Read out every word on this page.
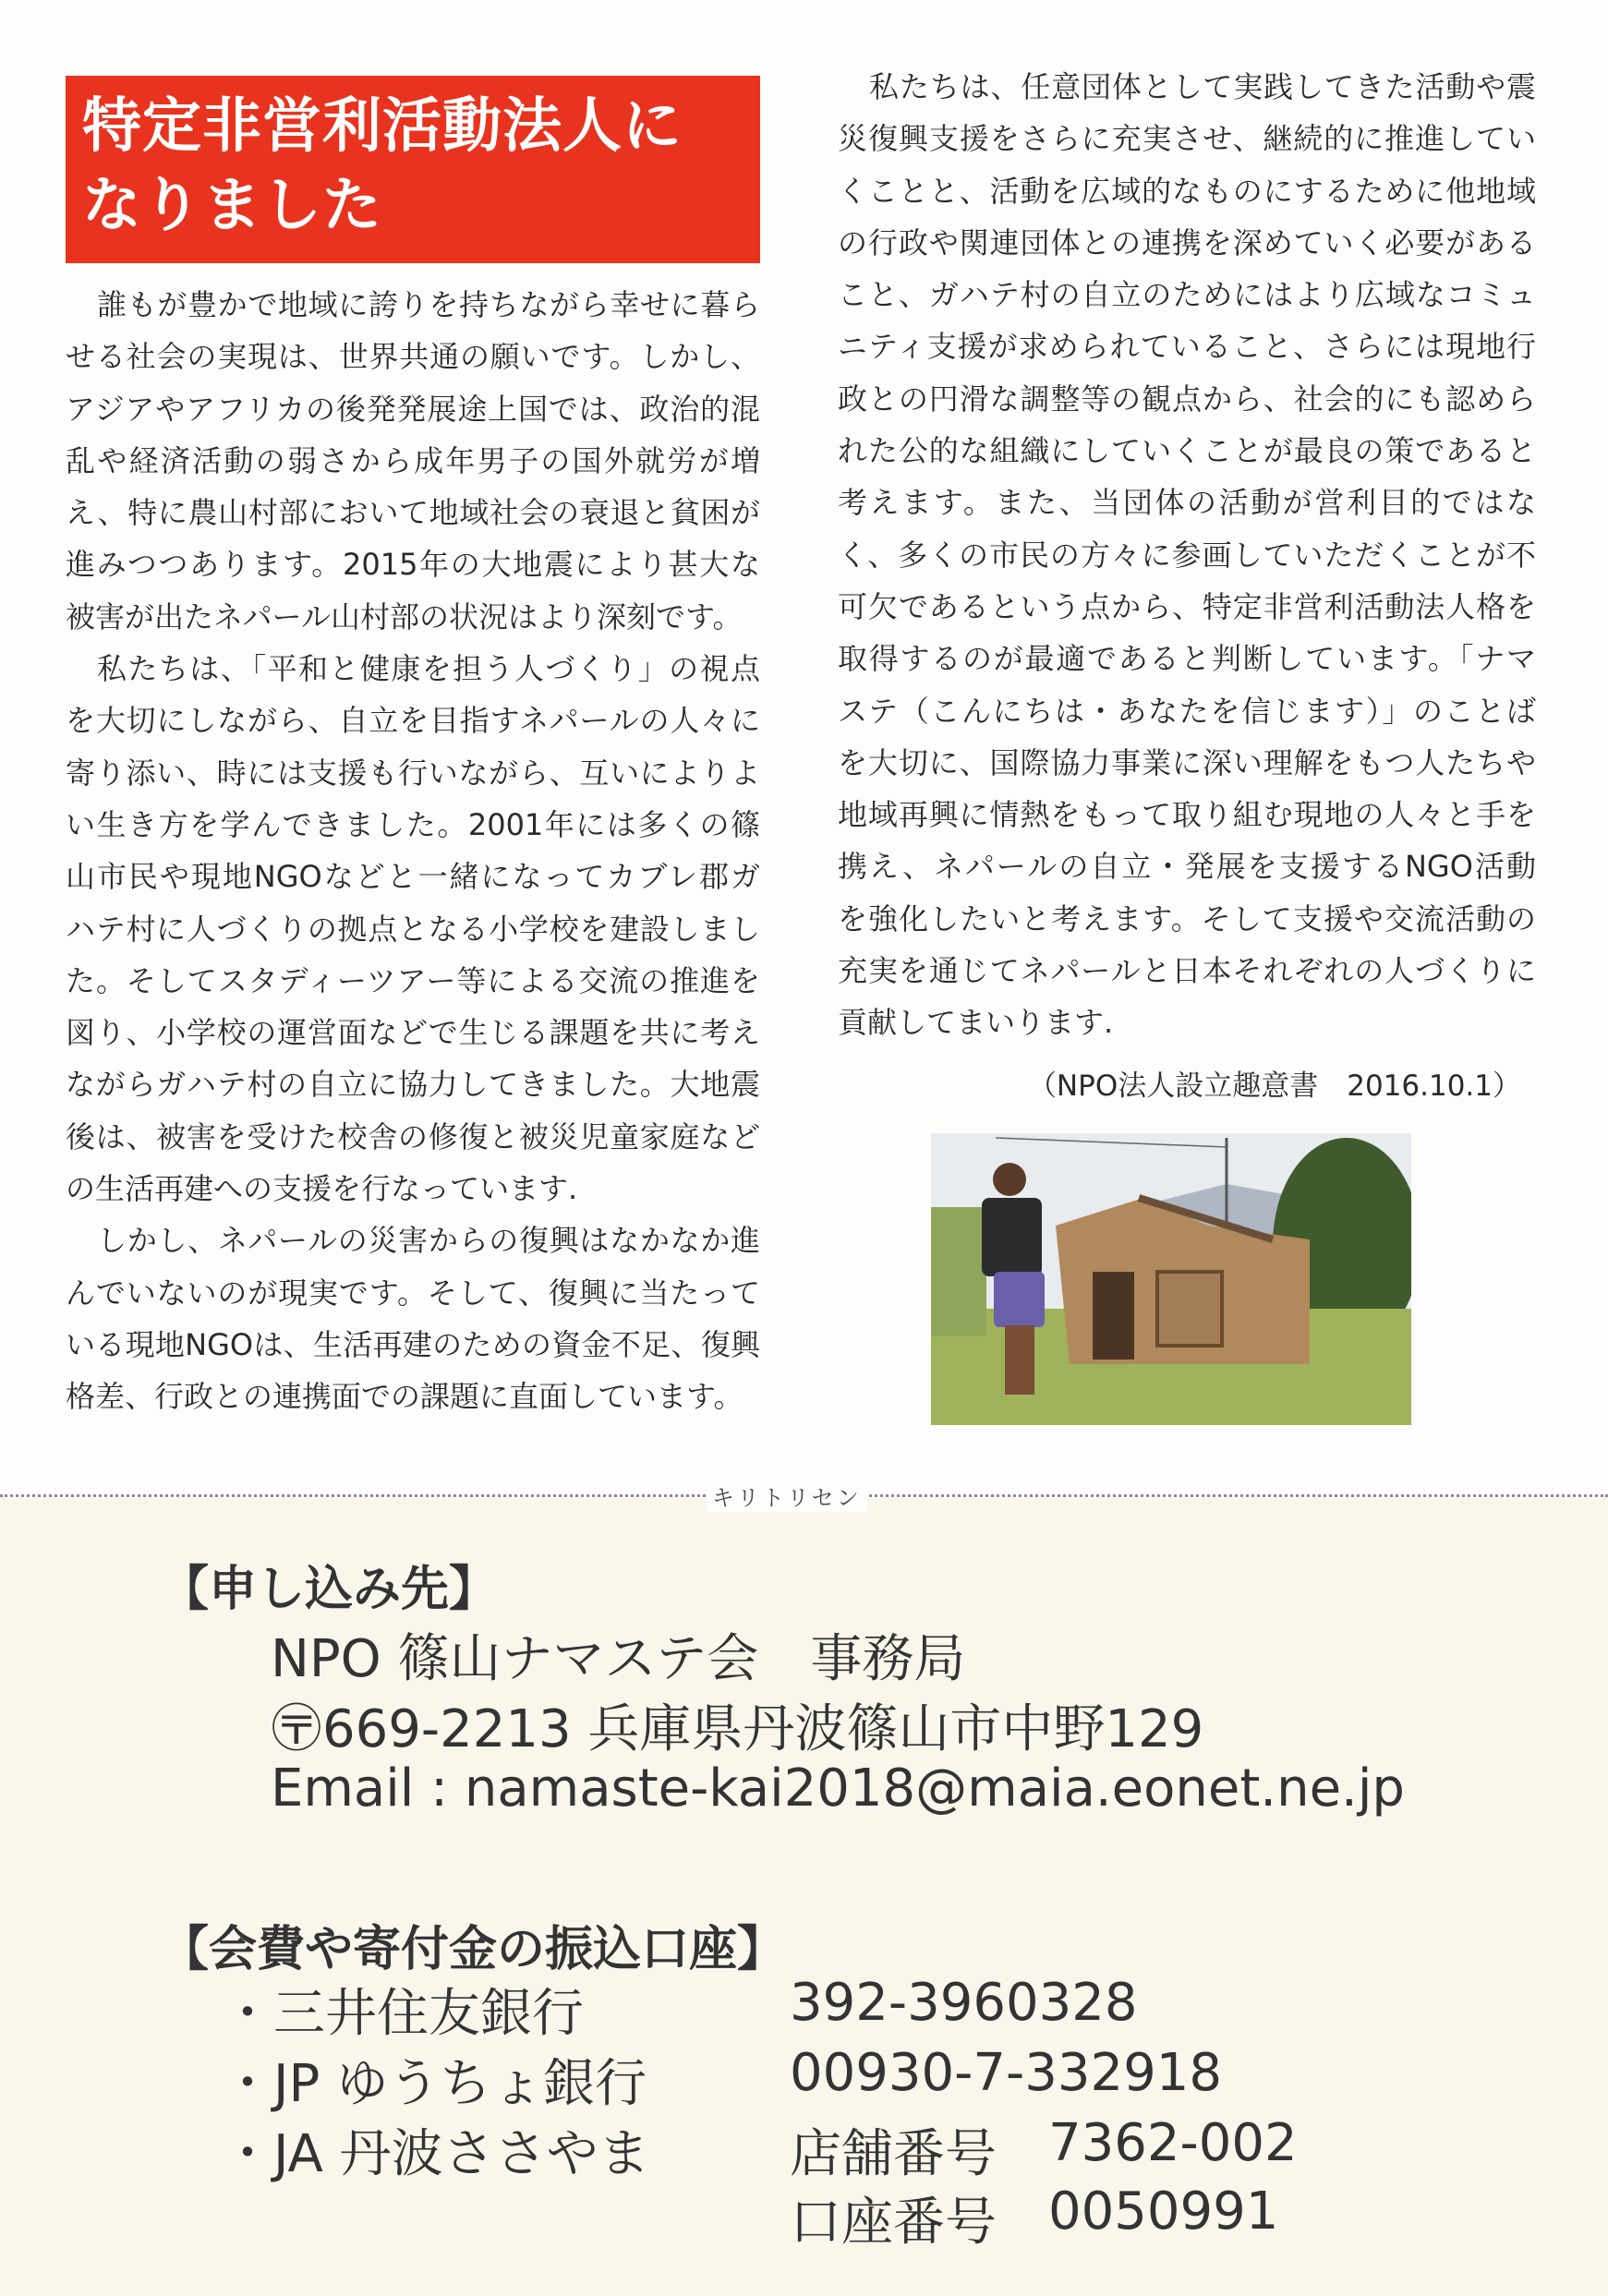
特定非営利活動法人に
なりました
誰もが豊かで地域に誇りを持ちながら幸せに暮ら
せる社会の実現は、世界共通の願いです。しかし、
アジアやアフリカの後発発展途上国では、政治的混
乱や経済活動の弱さから成年男子の国外就労が増
え、特に農山村部において地域社会の衰退と貧困が
進みつつあります。2015年の大地震により甚大な
被害が出たネパール山村部の状況はより深刻です。
私たちは、「平和と健康を担う人づくり」の視点
を大切にしながら、自立を目指すネパールの人々に
寄り添い、時には支援も行いながら、互いによりよ
い生き方を学んできました。2001年には多くの篠
山市民や現地NGOなどと一緒になってカブレ郡ガ
ハテ村に人づくりの拠点となる小学校を建設しまし
た。そしてスタディーツアー等による交流の推進を
図り、小学校の運営面などで生じる課題を共に考え
ながらガハテ村の自立に協力してきました。大地震
後は、被害を受けた校舎の修復と被災児童家庭など
の生活再建への支援を行なっています.
しかし、ネパールの災害からの復興はなかなか進
んでいないのが現実です。そして、復興に当たって
いる現地NGOは、生活再建のための資金不足、復興
格差、行政との連携面での課題に直面しています。
私たちは、任意団体として実践してきた活動や震
災復興支援をさらに充実させ、継続的に推進してい
くことと、活動を広域的なものにするために他地域
の行政や関連団体との連携を深めていく必要がある
こと、ガハテ村の自立のためにはより広域なコミュ
ニティ支援が求められていること、さらには現地行
政との円滑な調整等の観点から、社会的にも認めら
れた公的な組織にしていくことが最良の策であると
考えます。また、当団体の活動が営利目的ではな
く、多くの市民の方々に参画していただくことが不
可欠であるという点から、特定非営利活動法人格を
取得するのが最適であると判断しています。「ナマ
ステ（こんにちは・あなたを信じます）」のことば
を大切に、国際協力事業に深い理解をもつ人たちや
地域再興に情熱をもって取り組む現地の人々と手を
携え、ネパールの自立・発展を支援するNGO活動
を強化したいと考えます。そして支援や交流活動の
充実を通じてネパールと日本それぞれの人づくりに
貢献してまいります.
（NPO法人設立趣意書　2016.10.1）
キリトリセン
【申し込み先】
NPO 篠山ナマステ会　事務局
〶669-2213 兵庫県丹波篠山市中野129
Email : namaste-kai2018@maia.eonet.ne.jp
【会費や寄付金の振込口座】
・三井住友銀行	392-3960328
・JP ゆうちょ銀行	00930-7-332918
・JA 丹波ささやま	店舗番号 7362-002
口座番号 0050991
